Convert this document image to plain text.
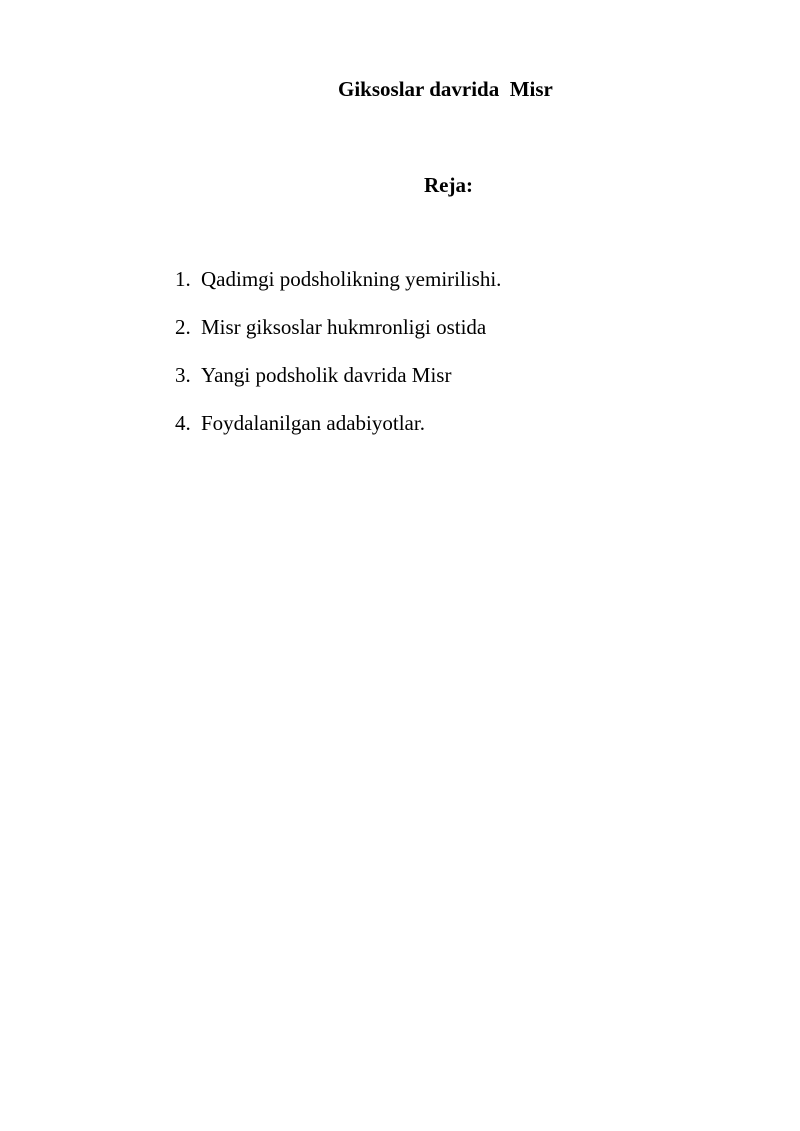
Giksoslar davrida  Misr
Reja:
1. Qadimgi podsholikning yemirilishi.
2. Misr giksoslar hukmronligi ostida
3. Yangi podsholik davrida Misr
4. Foydalanilgan adabiyotlar.
